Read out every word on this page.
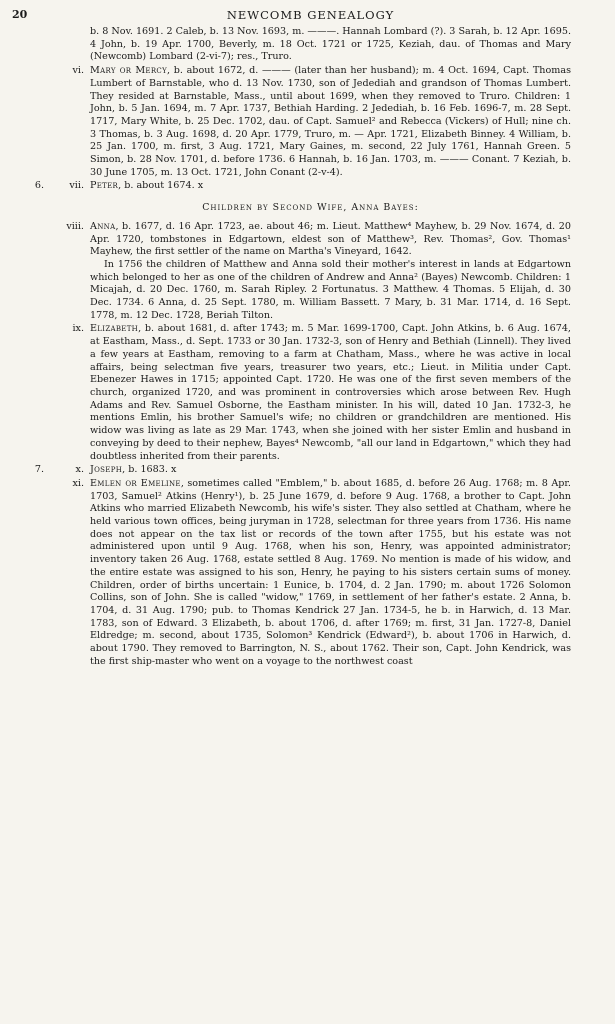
20	NEWCOMB GENEALOGY
b. 8 Nov. 1691. 2 Caleb, b. 13 Nov. 1693, m. ———. Hannah Lombard (?). 3 Sarah, b. 12 Apr. 1695. 4 John, b. 19 Apr. 1700, Beverly, m. 18 Oct. 1721 or 1725, Keziah, dau. of Thomas and Mary (Newcomb) Lombard (2-vi-7); res., Truro.
vi. Mary or Mercy, b. about 1672, d. ——— (later than her husband); m. 4 Oct. 1694, Capt. Thomas Lumbert of Barnstable, who d. 13 Nov. 1730, son of Jedediah and grandson of Thomas Lumbert. They resided at Barnstable, Mass., until about 1699, when they removed to Truro. Children: 1 John, b. 5 Jan. 1694, m. 7 Apr. 1737, Bethiah Harding. 2 Jedediah, b. 16 Feb. 1696-7, m. 28 Sept. 1717, Mary White, b. 25 Dec. 1702, dau. of Capt. Samuel² and Rebecca (Vickers) of Hull; nine ch. 3 Thomas, b. 3 Aug. 1698, d. 20 Apr. 1779, Truro, m. — Apr. 1721, Elizabeth Binney. 4 William, b. 25 Jan. 1700, m. first, 3 Aug. 1721, Mary Gaines, m. second, 22 July 1761, Hannah Green. 5 Simon, b. 28 Nov. 1701, d. before 1736. 6 Hannah, b. 16 Jan. 1703, m. ——— Conant. 7 Keziah, b. 30 June 1705, m. 13 Oct. 1721, John Conant (2-v-4).
6.	vii. Peter, b. about 1674. x
Children by Second Wife, Anna Bayes:
viii. Anna, b. 1677, d. 16 Apr. 1723, ae. about 46; m. Lieut. Matthew⁴ Mayhew, b. 29 Nov. 1674, d. 20 Apr. 1720, tombstones in Edgartown, eldest son of Matthew³, Rev. Thomas², Gov. Thomas¹ Mayhew, the first settler of the name on Martha's Vineyard, 1642.
In 1756 the children of Matthew and Anna sold their mother's interest in lands at Edgartown which belonged to her as one of the children of Andrew and Anna² (Bayes) Newcomb. Children: 1 Micajah, d. 20 Dec. 1760, m. Sarah Ripley. 2 Fortunatus. 3 Matthew. 4 Thomas. 5 Elijah, d. 30 Dec. 1734. 6 Anna, d. 25 Sept. 1780, m. William Bassett. 7 Mary, b. 31 Mar. 1714, d. 16 Sept. 1778, m. 12 Dec. 1728, Beriah Tilton.
ix. Elizabeth, b. about 1681, d. after 1743; m. 5 Mar. 1699-1700, Capt. John Atkins, b. 6 Aug. 1674, at Eastham, Mass., d. Sept. 1733 or 30 Jan. 1732-3, son of Henry and Bethiah (Linnell). They lived a few years at Eastham, removing to a farm at Chatham, Mass., where he was active in local affairs, being selectman five years, treasurer two years, etc.; Lieut. in Militia under Capt. Ebenezer Hawes in 1715; appointed Capt. 1720. He was one of the first seven members of the church, organized 1720, and was prominent in controversies which arose between Rev. Hugh Adams and Rev. Samuel Osborne, the Eastham minister. In his will, dated 10 Jan. 1732-3, he mentions Emlin, his brother Samuel's wife; no children or grandchildren are mentioned. His widow was living as late as 29 Mar. 1743, when she joined with her sister Emlin and husband in conveying by deed to their nephew, Bayes⁴ Newcomb, "all our land in Edgartown," which they had doubtless inherited from their parents.
7.	x. Joseph, b. 1683. x
xi. Emlen or Emeline, sometimes called "Emblem," b. about 1685, d. before 26 Aug. 1768; m. 8 Apr. 1703, Samuel² Atkins (Henry¹), b. 25 June 1679, d. before 9 Aug. 1768, a brother to Capt. John Atkins who married Elizabeth Newcomb, his wife's sister. They also settled at Chatham, where he held various town offices, being juryman in 1728, selectman for three years from 1736. His name does not appear on the tax list or records of the town after 1755, but his estate was not administered upon until 9 Aug. 1768, when his son, Henry, was appointed administrator; inventory taken 26 Aug. 1768, estate settled 8 Aug. 1769. No mention is made of his widow, and the entire estate was assigned to his son, Henry, he paying to his sisters certain sums of money. Children, order of births uncertain: 1 Eunice, b. 1704, d. 2 Jan. 1790; m. about 1726 Solomon Collins, son of John. She is called "widow," 1769, in settlement of her father's estate. 2 Anna, b. 1704, d. 31 Aug. 1790; pub. to Thomas Kendrick 27 Jan. 1734-5, he b. in Harwich, d. 13 Mar. 1783, son of Edward. 3 Elizabeth, b. about 1706, d. after 1769; m. first, 31 Jan. 1727-8, Daniel Eldredge; m. second, about 1735, Solomon³ Kendrick (Edward²), b. about 1706 in Harwich, d. about 1790. They removed to Barrington, N. S., about 1762. Their son, Capt. John Kendrick, was the first ship-master who went on a voyage to the northwest coast
